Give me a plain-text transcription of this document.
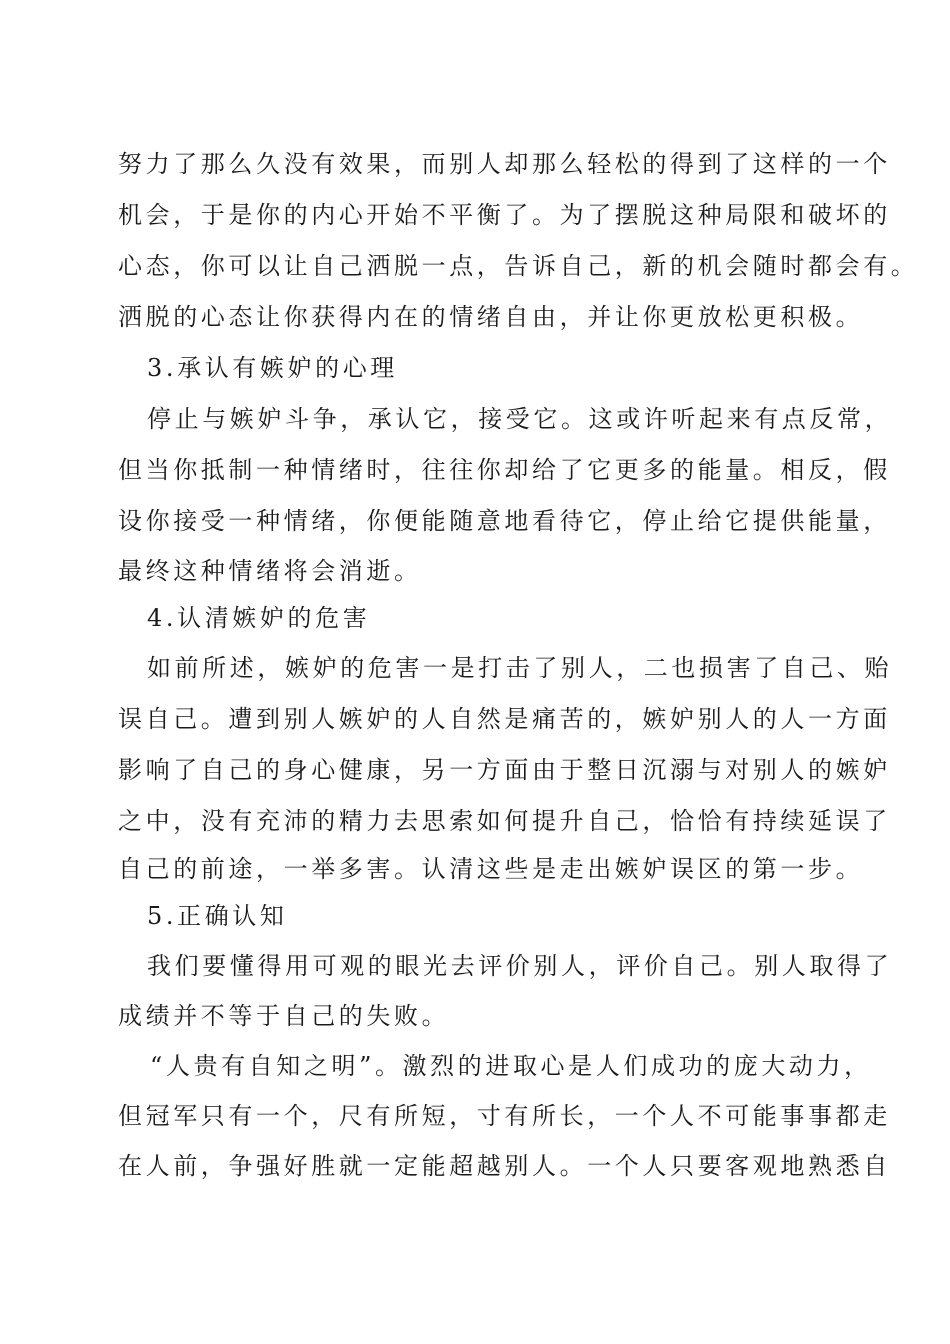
努力了那么久没有效果，而别人却那么轻松的得到了这样的一个
机会，于是你的内心开始不平衡了。为了摆脱这种局限和破坏的
心态，你可以让自己洒脱一点，告诉自己，新的机会随时都会有。
洒脱的心态让你获得内在的情绪自由，并让你更放松更积极。
3.承认有嫉妒的心理
停止与嫉妒斗争，承认它，接受它。这或许听起来有点反常，
但当你抵制一种情绪时，往往你却给了它更多的能量。相反，假
设你接受一种情绪，你便能随意地看待它，停止给它提供能量，
最终这种情绪将会消逝。
4.认清嫉妒的危害
如前所述，嫉妒的危害一是打击了别人，二也损害了自己、贻
误自己。遭到别人嫉妒的人自然是痛苦的，嫉妒别人的人一方面
影响了自己的身心健康，另一方面由于整日沉溺与对别人的嫉妒
之中，没有充沛的精力去思索如何提升自己，恰恰有持续延误了
自己的前途，一举多害。认清这些是走出嫉妒误区的第一步。
5.正确认知
我们要懂得用可观的眼光去评价别人，评价自己。别人取得了
成绩并不等于自己的失败。
“人贵有自知之明”。激烈的进取心是人们成功的庞大动力，
但冠军只有一个，尺有所短，寸有所长，一个人不可能事事都走
在人前，争强好胜就一定能超越别人。一个人只要客观地熟悉自
